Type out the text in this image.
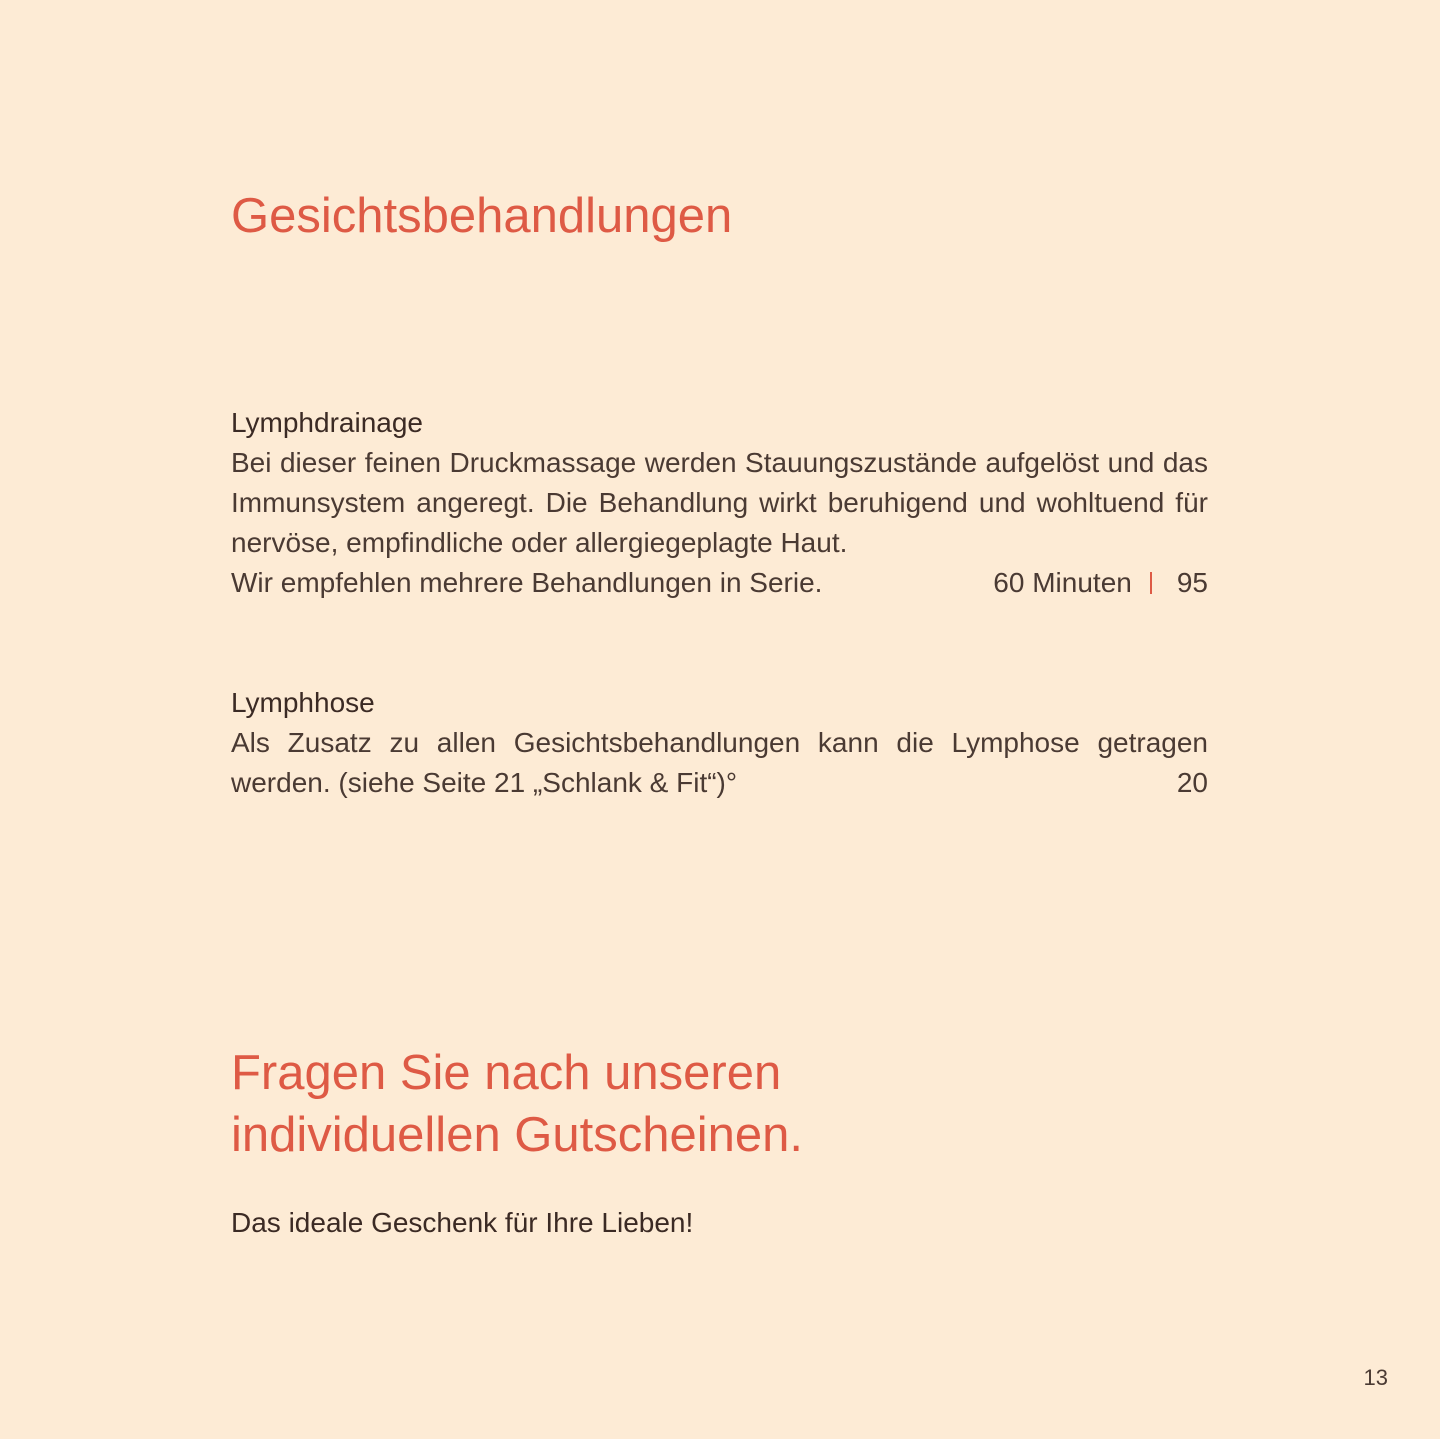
Gesichtsbehandlungen
Lymphdrainage

Bei dieser feinen Druckmassage werden Stauungszustände aufgelöst und das Immunsystem angeregt. Die Behandlung wirkt beruhigend und wohltuend für nervöse, empfindliche oder allergiegeplagte Haut.

Wir empfehlen mehrere Behandlungen in Serie.	60 Minuten 95
Lymphhose

Als Zusatz zu allen Gesichtsbehandlungen kann die Lymphose getragen

werden. (siehe Seite 21 „Schlank & Fit“)°	20
Fragen Sie nach unseren
individuellen Gutscheinen.

Das ideale Geschenk für Ihre Lieben!

13
